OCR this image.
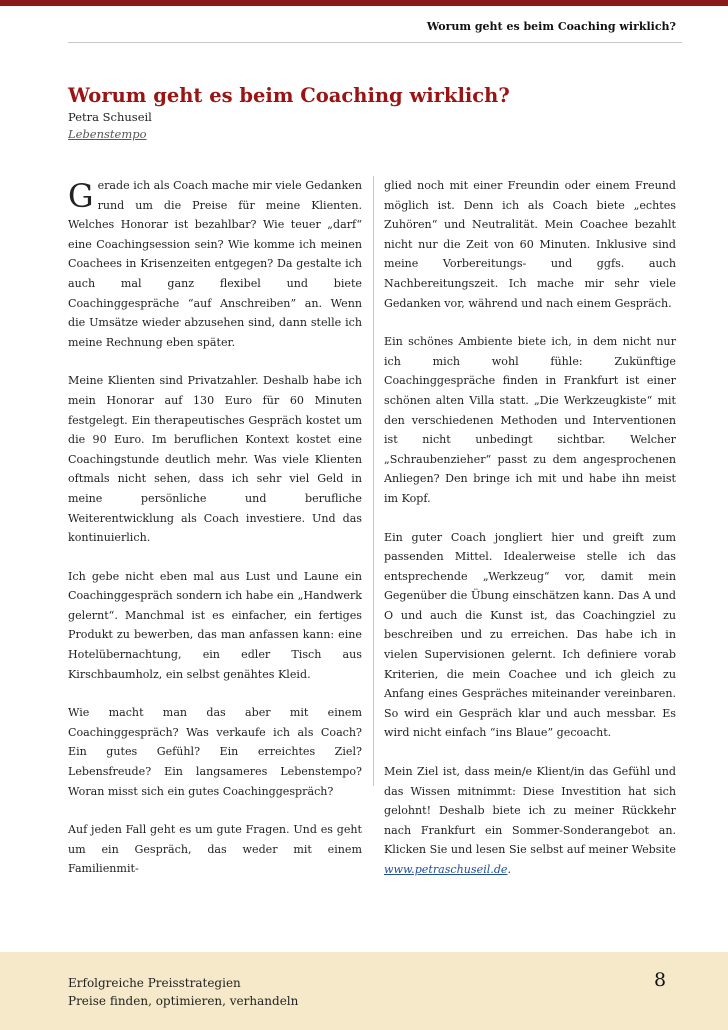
Worum geht es beim Coaching wirklich?
Worum geht es beim Coaching wirklich?
Petra Schuseil
Lebenstempo

Gerade ich als Coach mache mir viele Gedanken rund um die Preise für meine Klienten. Welches Honorar ist bezahlbar? Wie teuer „darf“ eine Coachingsession sein? Wie komme ich meinen Coachees in Krisenzeiten entgegen? Da gestalte ich auch mal ganz flexibel und biete Coachinggespräche “auf Anschreiben” an. Wenn die Umsätze wieder abzusehen sind, dann stelle ich meine Rechnung eben später.

Meine Klienten sind Privatzahler. Deshalb habe ich mein Honorar auf 130 Euro für 60 Minuten festgelegt. Ein therapeutisches Gespräch kostet um die 90 Euro. Im beruflichen Kontext kostet eine Coachingstunde deutlich mehr. Was viele Klienten oftmals nicht sehen, dass ich sehr viel Geld in meine persönliche und berufliche Weiterentwicklung als Coach investiere. Und das kontinuierlich.

Ich gebe nicht eben mal aus Lust und Laune ein Coachinggespräch sondern ich habe ein „Handwerk gelernt“. Manchmal ist es einfacher, ein fertiges Produkt zu bewerben, das man anfassen kann: eine Hotelübernachtung, ein edler Tisch aus Kirschbaumholz, ein selbst genähtes Kleid.

Wie macht man das aber mit einem Coachinggespräch? Was verkaufe ich als Coach? Ein gutes Gefühl? Ein erreichtes Ziel? Lebensfreude? Ein langsameres Lebenstempo? Woran misst sich ein gutes Coachinggespräch?

Auf jeden Fall geht es um gute Fragen. Und es geht um ein Gespräch, das weder mit einem Familienmit-

glied noch mit einer Freundin oder einem Freund möglich ist. Denn ich als Coach biete „echtes Zuhören“ und Neutralität. Mein Coachee bezahlt nicht nur die Zeit von 60 Minuten. Inklusive sind meine Vorbereitungs- und ggfs. auch Nachbereitungszeit. Ich mache mir sehr viele Gedanken vor, während und nach einem Gespräch.

Ein schönes Ambiente biete ich, in dem nicht nur ich mich wohl fühle: Zukünftige Coachinggespräche finden in Frankfurt ist einer schönen alten Villa statt. „Die Werkzeugkiste“ mit den verschiedenen Methoden und Interventionen ist nicht unbedingt sichtbar. Welcher „Schraubenzieher“ passt zu dem angesprochenen Anliegen? Den bringe ich mit und habe ihn meist im Kopf.

Ein guter Coach jongliert hier und greift zum passenden Mittel. Idealerweise stelle ich das entsprechende „Werkzeug“ vor, damit mein Gegenüber die Übung einschätzen kann. Das A und O und auch die Kunst ist, das Coachingziel zu beschreiben und zu erreichen. Das habe ich in vielen Supervisionen gelernt. Ich definiere vorab Kriterien, die mein Coachee und ich gleich zu Anfang eines Gespräches miteinander vereinbaren. So wird ein Gespräch klar und auch messbar. Es wird nicht einfach “ins Blaue” gecoacht.

Mein Ziel ist, dass mein/e Klient/in das Gefühl und das Wissen mitnimmt: Diese Investition hat sich gelohnt! Deshalb biete ich zu meiner Rückkehr nach Frankfurt ein Sommer-Sonderangebot an. Klicken Sie und lesen Sie selbst auf meiner Website www.petraschuseil.de.

Erfolgreiche Preisstrategien
Preise finden, optimieren, verhandeln
8
